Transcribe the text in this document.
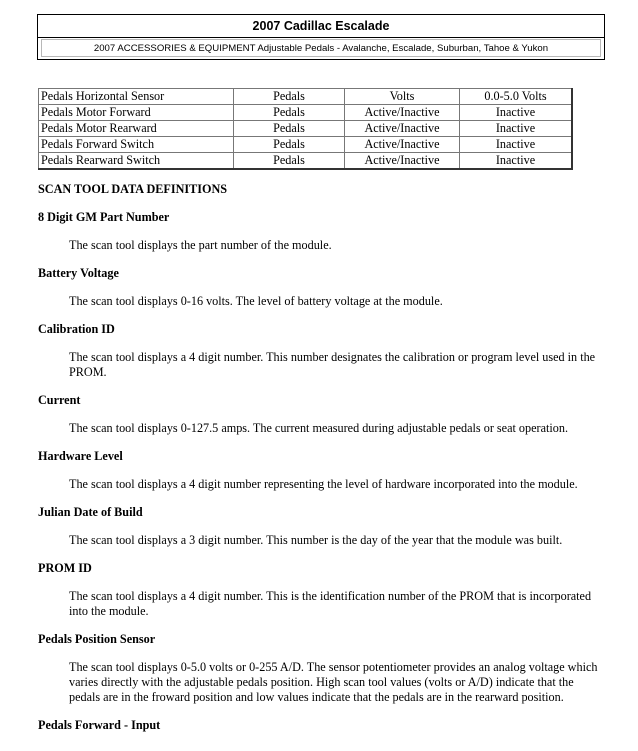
2007 Cadillac Escalade
2007 ACCESSORIES & EQUIPMENT Adjustable Pedals - Avalanche, Escalade, Suburban, Tahoe & Yukon
Pedals Horizontal Sensor	Pedals	Volts	0.0-5.0 Volts
Pedals Motor Forward	Pedals	Active/Inactive	Inactive
Pedals Motor Rearward	Pedals	Active/Inactive	Inactive
Pedals Forward Switch	Pedals	Active/Inactive	Inactive
Pedals Rearward Switch	Pedals	Active/Inactive	Inactive

SCAN TOOL DATA DEFINITIONS

8 Digit GM Part Number

The scan tool displays the part number of the module.

Battery Voltage

The scan tool displays 0-16 volts. The level of battery voltage at the module.

Calibration ID

The scan tool displays a 4 digit number. This number designates the calibration or program level used in the PROM.

Current

The scan tool displays 0-127.5 amps. The current measured during adjustable pedals or seat operation.

Hardware Level

The scan tool displays a 4 digit number representing the level of hardware incorporated into the module.

Julian Date of Build

The scan tool displays a 3 digit number. This number is the day of the year that the module was built.

PROM ID

The scan tool displays a 4 digit number. This is the identification number of the PROM that is incorporated into the module.

Pedals Position Sensor

The scan tool displays 0-5.0 volts or 0-255 A/D. The sensor potentiometer provides an analog voltage which varies directly with the adjustable pedals position. High scan tool values (volts or A/D) indicate that the pedals are in the froward position and low values indicate that the pedals are in the rearward position.

Pedals Forward - Input
